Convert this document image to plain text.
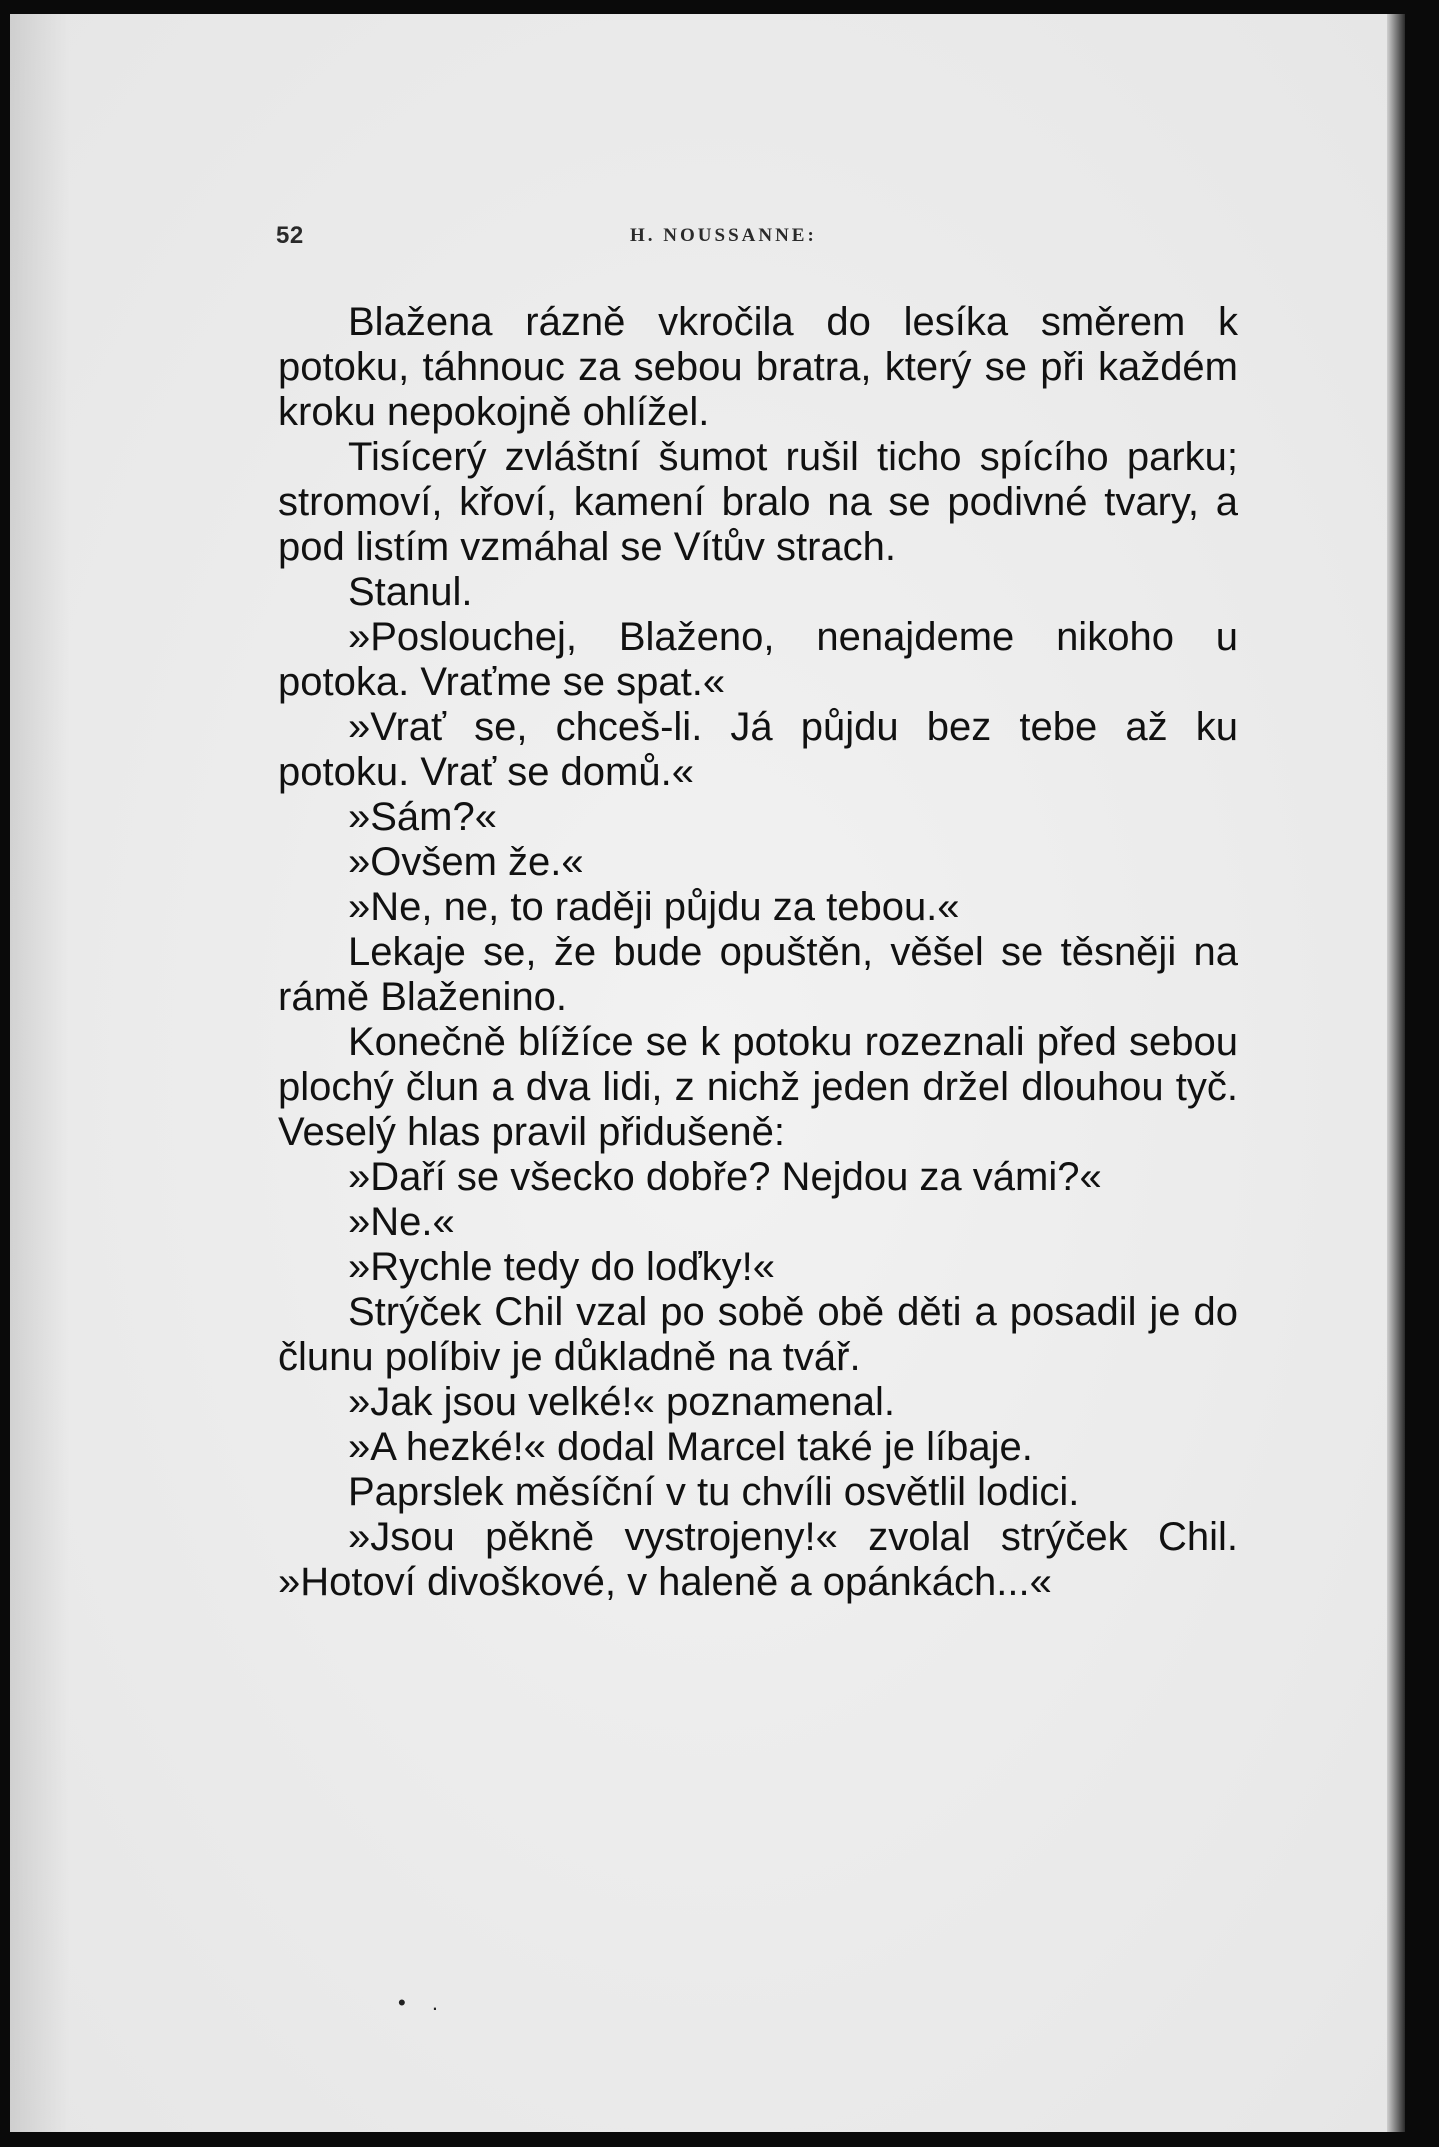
52	H. NOUSSANNE:

Blažena rázně vkročila do lesíka směrem k potoku, táhnouc za sebou bratra, který se při každém kroku nepokojně ohlížel.

Tisícerý zvláštní šumot rušil ticho spícího parku; stromoví, křoví, kamení bralo na se podivné tvary, a pod listím vzmáhal se Vítův strach.

Stanul.

»Poslouchej, Blaženo, nenajdeme nikoho u potoka. Vraťme se spat.«

»Vrať se, chceš-li. Já půjdu bez tebe až ku potoku. Vrať se domů.«

»Sám?«

»Ovšem že.«

»Ne, ne, to raději půjdu za tebou.«

Lekaje se, že bude opuštěn, věšel se těsněji na rámě Blaženino.

Konečně blížíce se k potoku rozeznali před sebou plochý člun a dva lidi, z nichž jeden držel dlouhou tyč. Veselý hlas pravil přidušeně:

»Daří se všecko dobře? Nejdou za vámi?«

»Ne.«

»Rychle tedy do loďky!«

Strýček Chil vzal po sobě obě děti a posadil je do člunu políbiv je důkladně na tvář.

»Jak jsou velké!« poznamenal.

»A hezké!« dodal Marcel také je líbaje.

Paprslek měsíční v tu chvíli osvětlil lodici.

»Jsou pěkně vystrojeny!« zvolal strýček Chil. »Hotoví divoškové, v haleně a opánkách...«

• .
